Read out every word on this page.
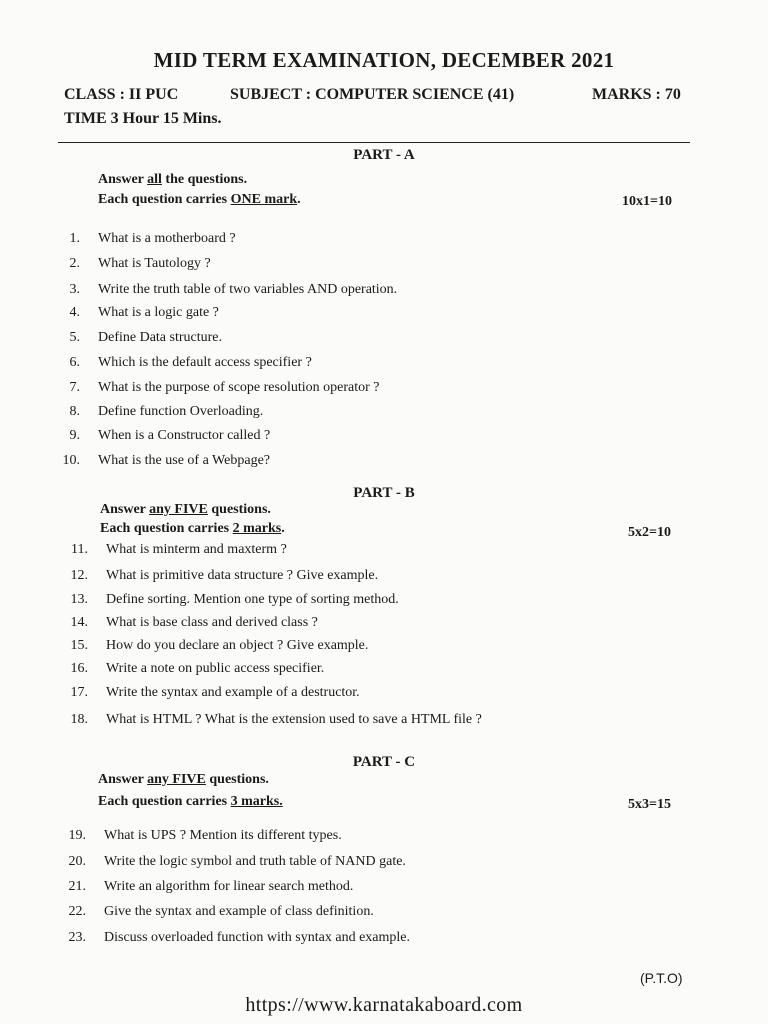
MID TERM EXAMINATION, DECEMBER 2021
CLASS : II PUC	SUBJECT : COMPUTER SCIENCE (41)	MARKS : 70
TIME 3 Hour 15 Mins.
PART - A
Answer all the questions.
Each question carries ONE mark.	10x1=10
1. What is a motherboard ?
2. What is Tautology ?
3. Write the truth table of two variables AND operation.
4. What is a logic gate ?
5. Define Data structure.
6. Which is the default access specifier ?
7. What is the purpose of scope resolution operator ?
8. Define function Overloading.
9. When is a Constructor called ?
10. What is the use of a Webpage?
PART - B
Answer any FIVE questions.
Each question carries 2 marks.	5x2=10
11. What is minterm and maxterm ?
12. What is primitive data structure ? Give example.
13. Define sorting. Mention one type of sorting method.
14. What is base class and derived class ?
15. How do you declare an object ? Give example.
16. Write a note on public access specifier.
17. Write the syntax and example of a destructor.
18. What is HTML ? What is the extension used to save a HTML file ?
PART - C
Answer any FIVE questions.
Each question carries 3 marks.	5x3=15
19. What is UPS ? Mention its different types.
20. Write the logic symbol and truth table of NAND gate.
21. Write an algorithm for linear search method.
22. Give the syntax and example of class definition.
23. Discuss overloaded function with syntax and example.
(P.T.O)
https://www.karnatakaboard.com
